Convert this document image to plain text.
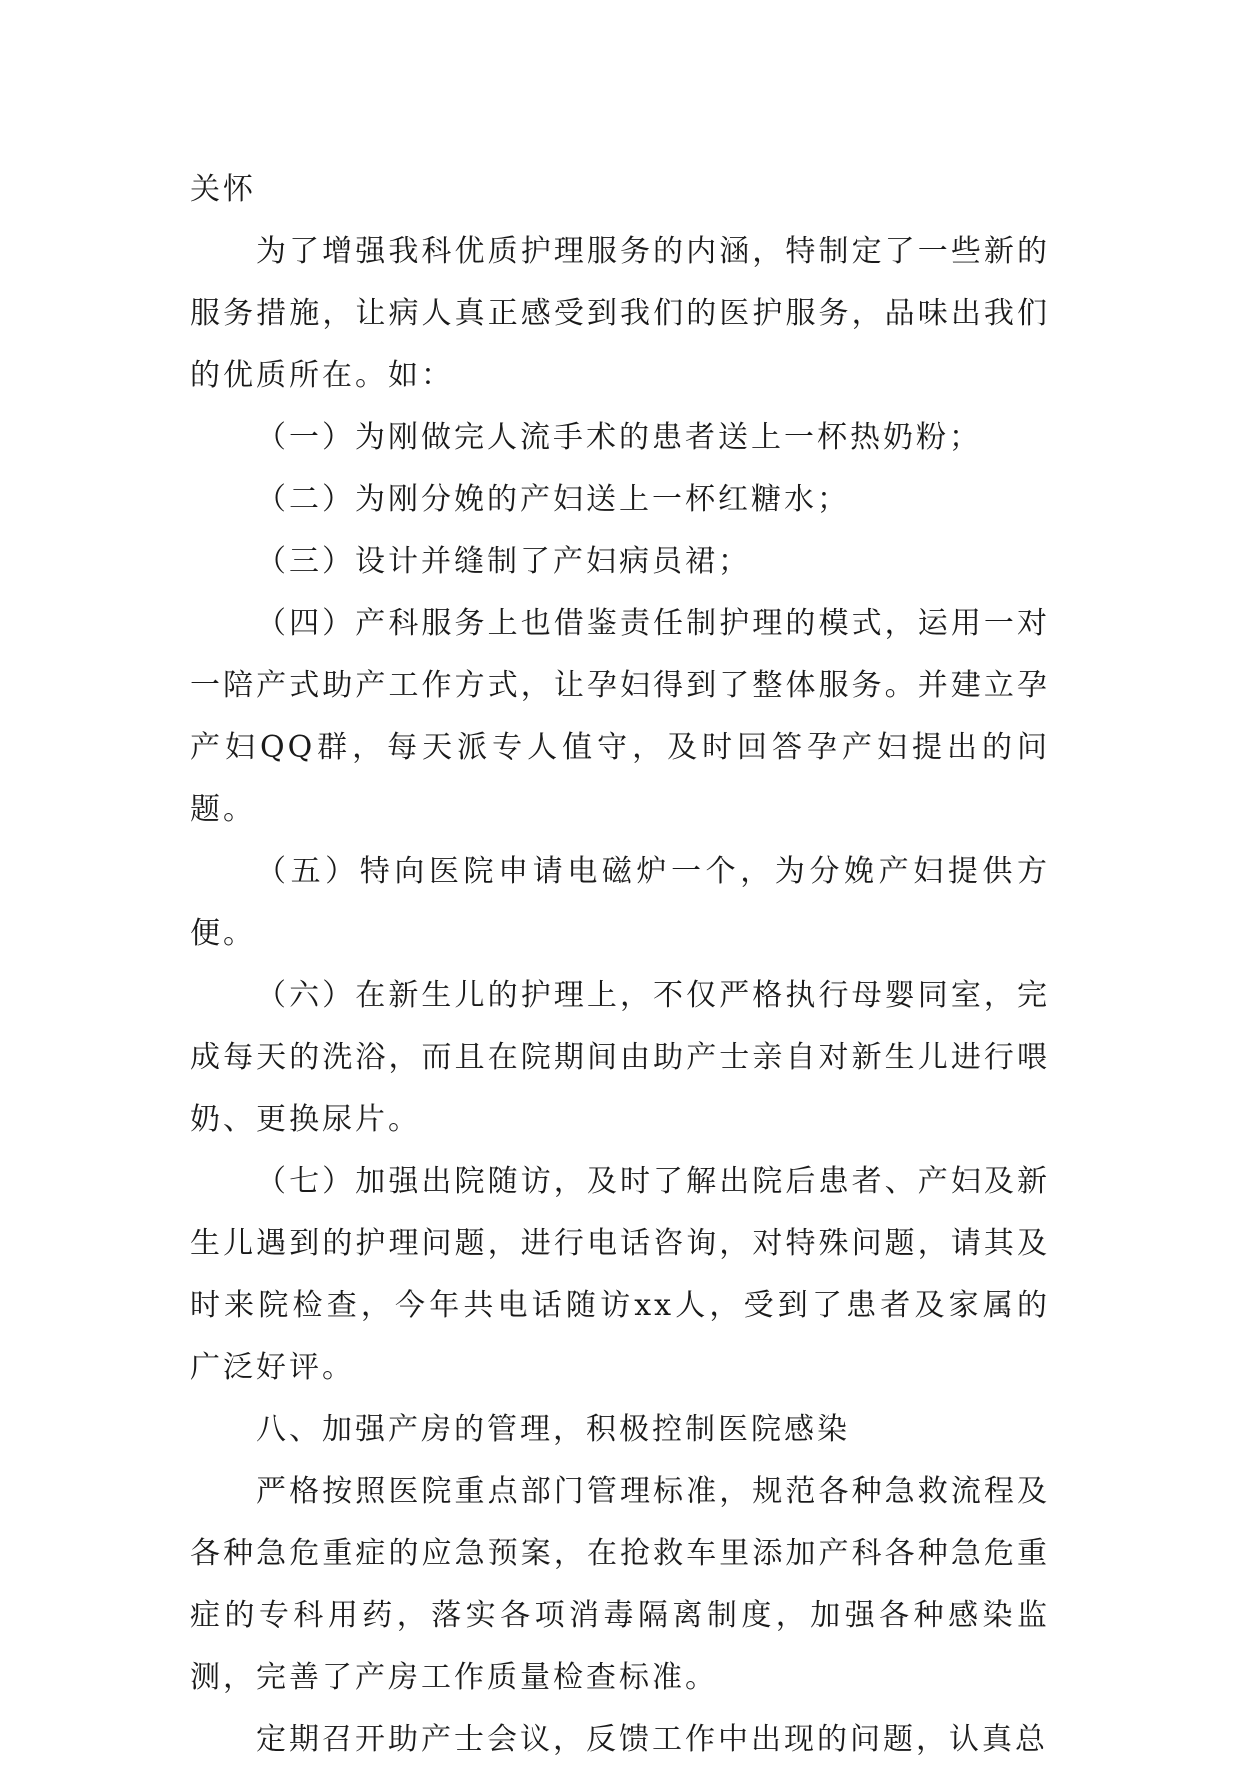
关怀

为了增强我科优质护理服务的内涵，特制定了一些新的服务措施，让病人真正感受到我们的医护服务，品味出我们的优质所在。如：

（一）为刚做完人流手术的患者送上一杯热奶粉；

（二）为刚分娩的产妇送上一杯红糖水；

（三）设计并缝制了产妇病员裙；

（四）产科服务上也借鉴责任制护理的模式，运用一对一陪产式助产工作方式，让孕妇得到了整体服务。并建立孕产妇QQ群，每天派专人值守，及时回答孕产妇提出的问题。

（五）特向医院申请电磁炉一个，为分娩产妇提供方便。

（六）在新生儿的护理上，不仅严格执行母婴同室，完成每天的洗浴，而且在院期间由助产士亲自对新生儿进行喂奶、更换尿片。

（七）加强出院随访，及时了解出院后患者、产妇及新生儿遇到的护理问题，进行电话咨询，对特殊问题，请其及时来院检查，今年共电话随访xx人，受到了患者及家属的广泛好评。

八、加强产房的管理，积极控制医院感染

严格按照医院重点部门管理标准，规范各种急救流程及各种急危重症的应急预案，在抢救车里添加产科各种急危重症的专科用药，落实各项消毒隔离制度，加强各种感染监测，完善了产房工作质量检查标准。

定期召开助产士会议，反馈工作中出现的问题，认真总
